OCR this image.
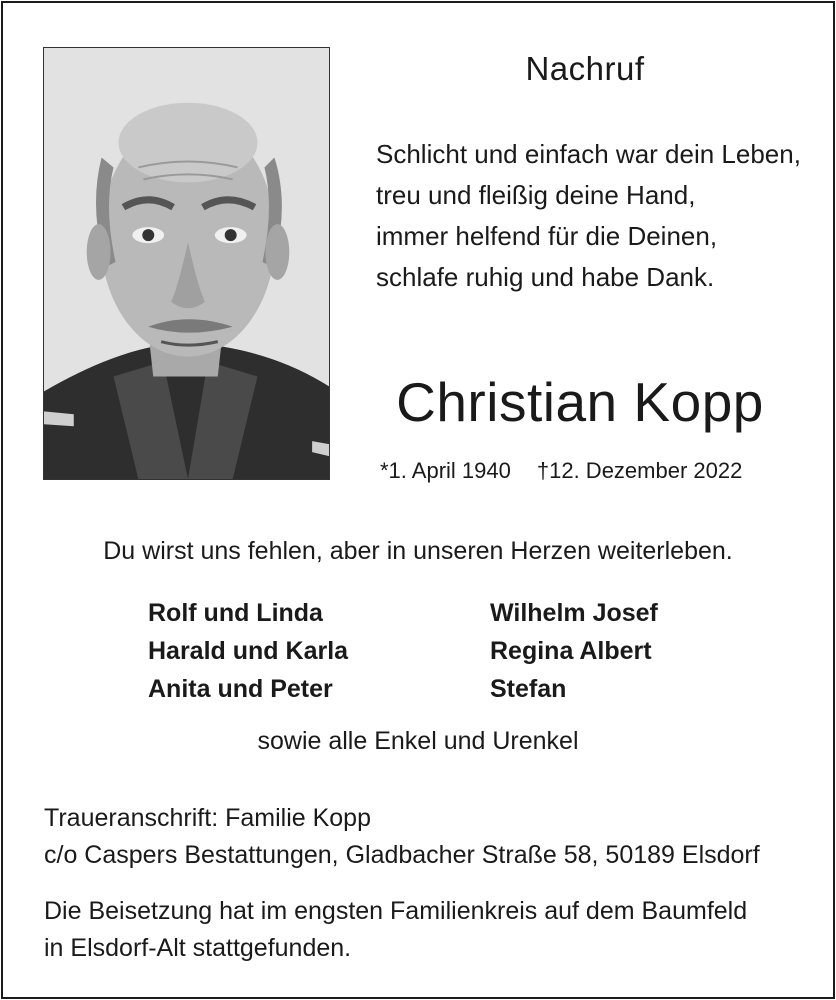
Nachruf
Schlicht und einfach war dein Leben,
treu und fleißig deine Hand,
immer helfend für die Deinen,
schlafe ruhig und habe Dank.
Christian Kopp
*1. April 1940 †12. Dezember 2022
Du wirst uns fehlen, aber in unseren Herzen weiterleben.
Rolf und Linda
Harald und Karla
Anita und Peter
Wilhelm Josef
Regina Albert
Stefan
sowie alle Enkel und Urenkel
Traueranschrift: Familie Kopp
c/o Caspers Bestattungen, Gladbacher Straße 58, 50189 Elsdorf
Die Beisetzung hat im engsten Familienkreis auf dem Baumfeld
in Elsdorf-Alt stattgefunden.
